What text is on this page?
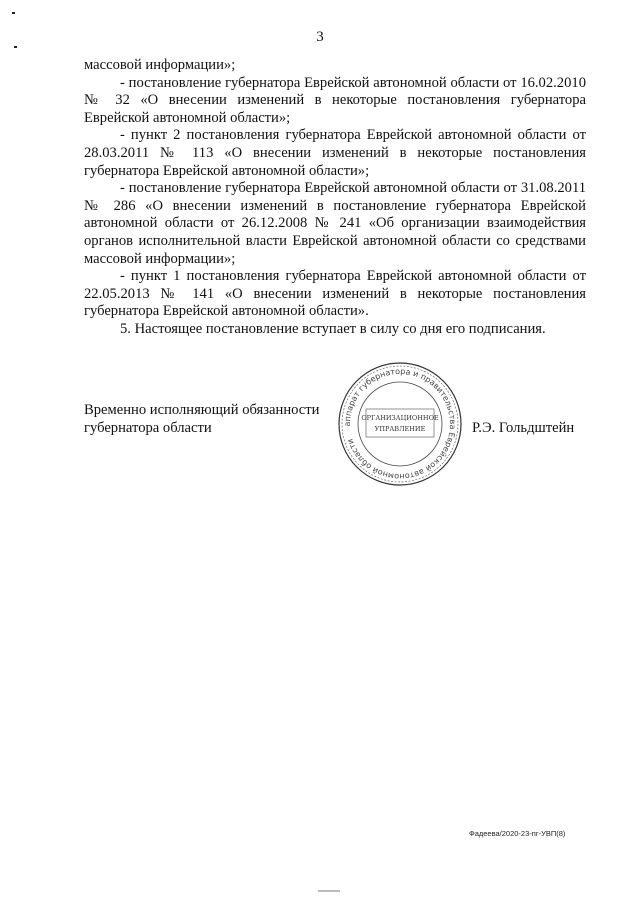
3

массовой информации»;

- постановление губернатора Еврейской автономной области от 16.02.2010 № 32 «О внесении изменений в некоторые постановления губернатора Еврейской автономной области»;

- пункт 2 постановления губернатора Еврейской автономной области от 28.03.2011 № 113 «О внесении изменений в некоторые постановления губернатора Еврейской автономной области»;

- постановление губернатора Еврейской автономной области от 31.08.2011 № 286 «О внесении изменений в постановление губернатора Еврейской автономной области от 26.12.2008 № 241 «Об организации взаимодействия органов исполнительной власти Еврейской автономной области со средствами массовой информации»;

- пункт 1 постановления губернатора Еврейской автономной области от 22.05.2013 № 141 «О внесении изменений в некоторые постановления губернатора Еврейской автономной области».

5. Настоящее постановление вступает в силу со дня его подписания.

Временно исполняющий обязанности
губернатора области	аппарат губернатора и правительства Еврейской автономной области
ОРГАНИЗАЦИОННОЕ
УПРАВЛЕНИЕ	Р.Э. Гольдштейн
Фадеева/2020-23-пг-УВП(8)
